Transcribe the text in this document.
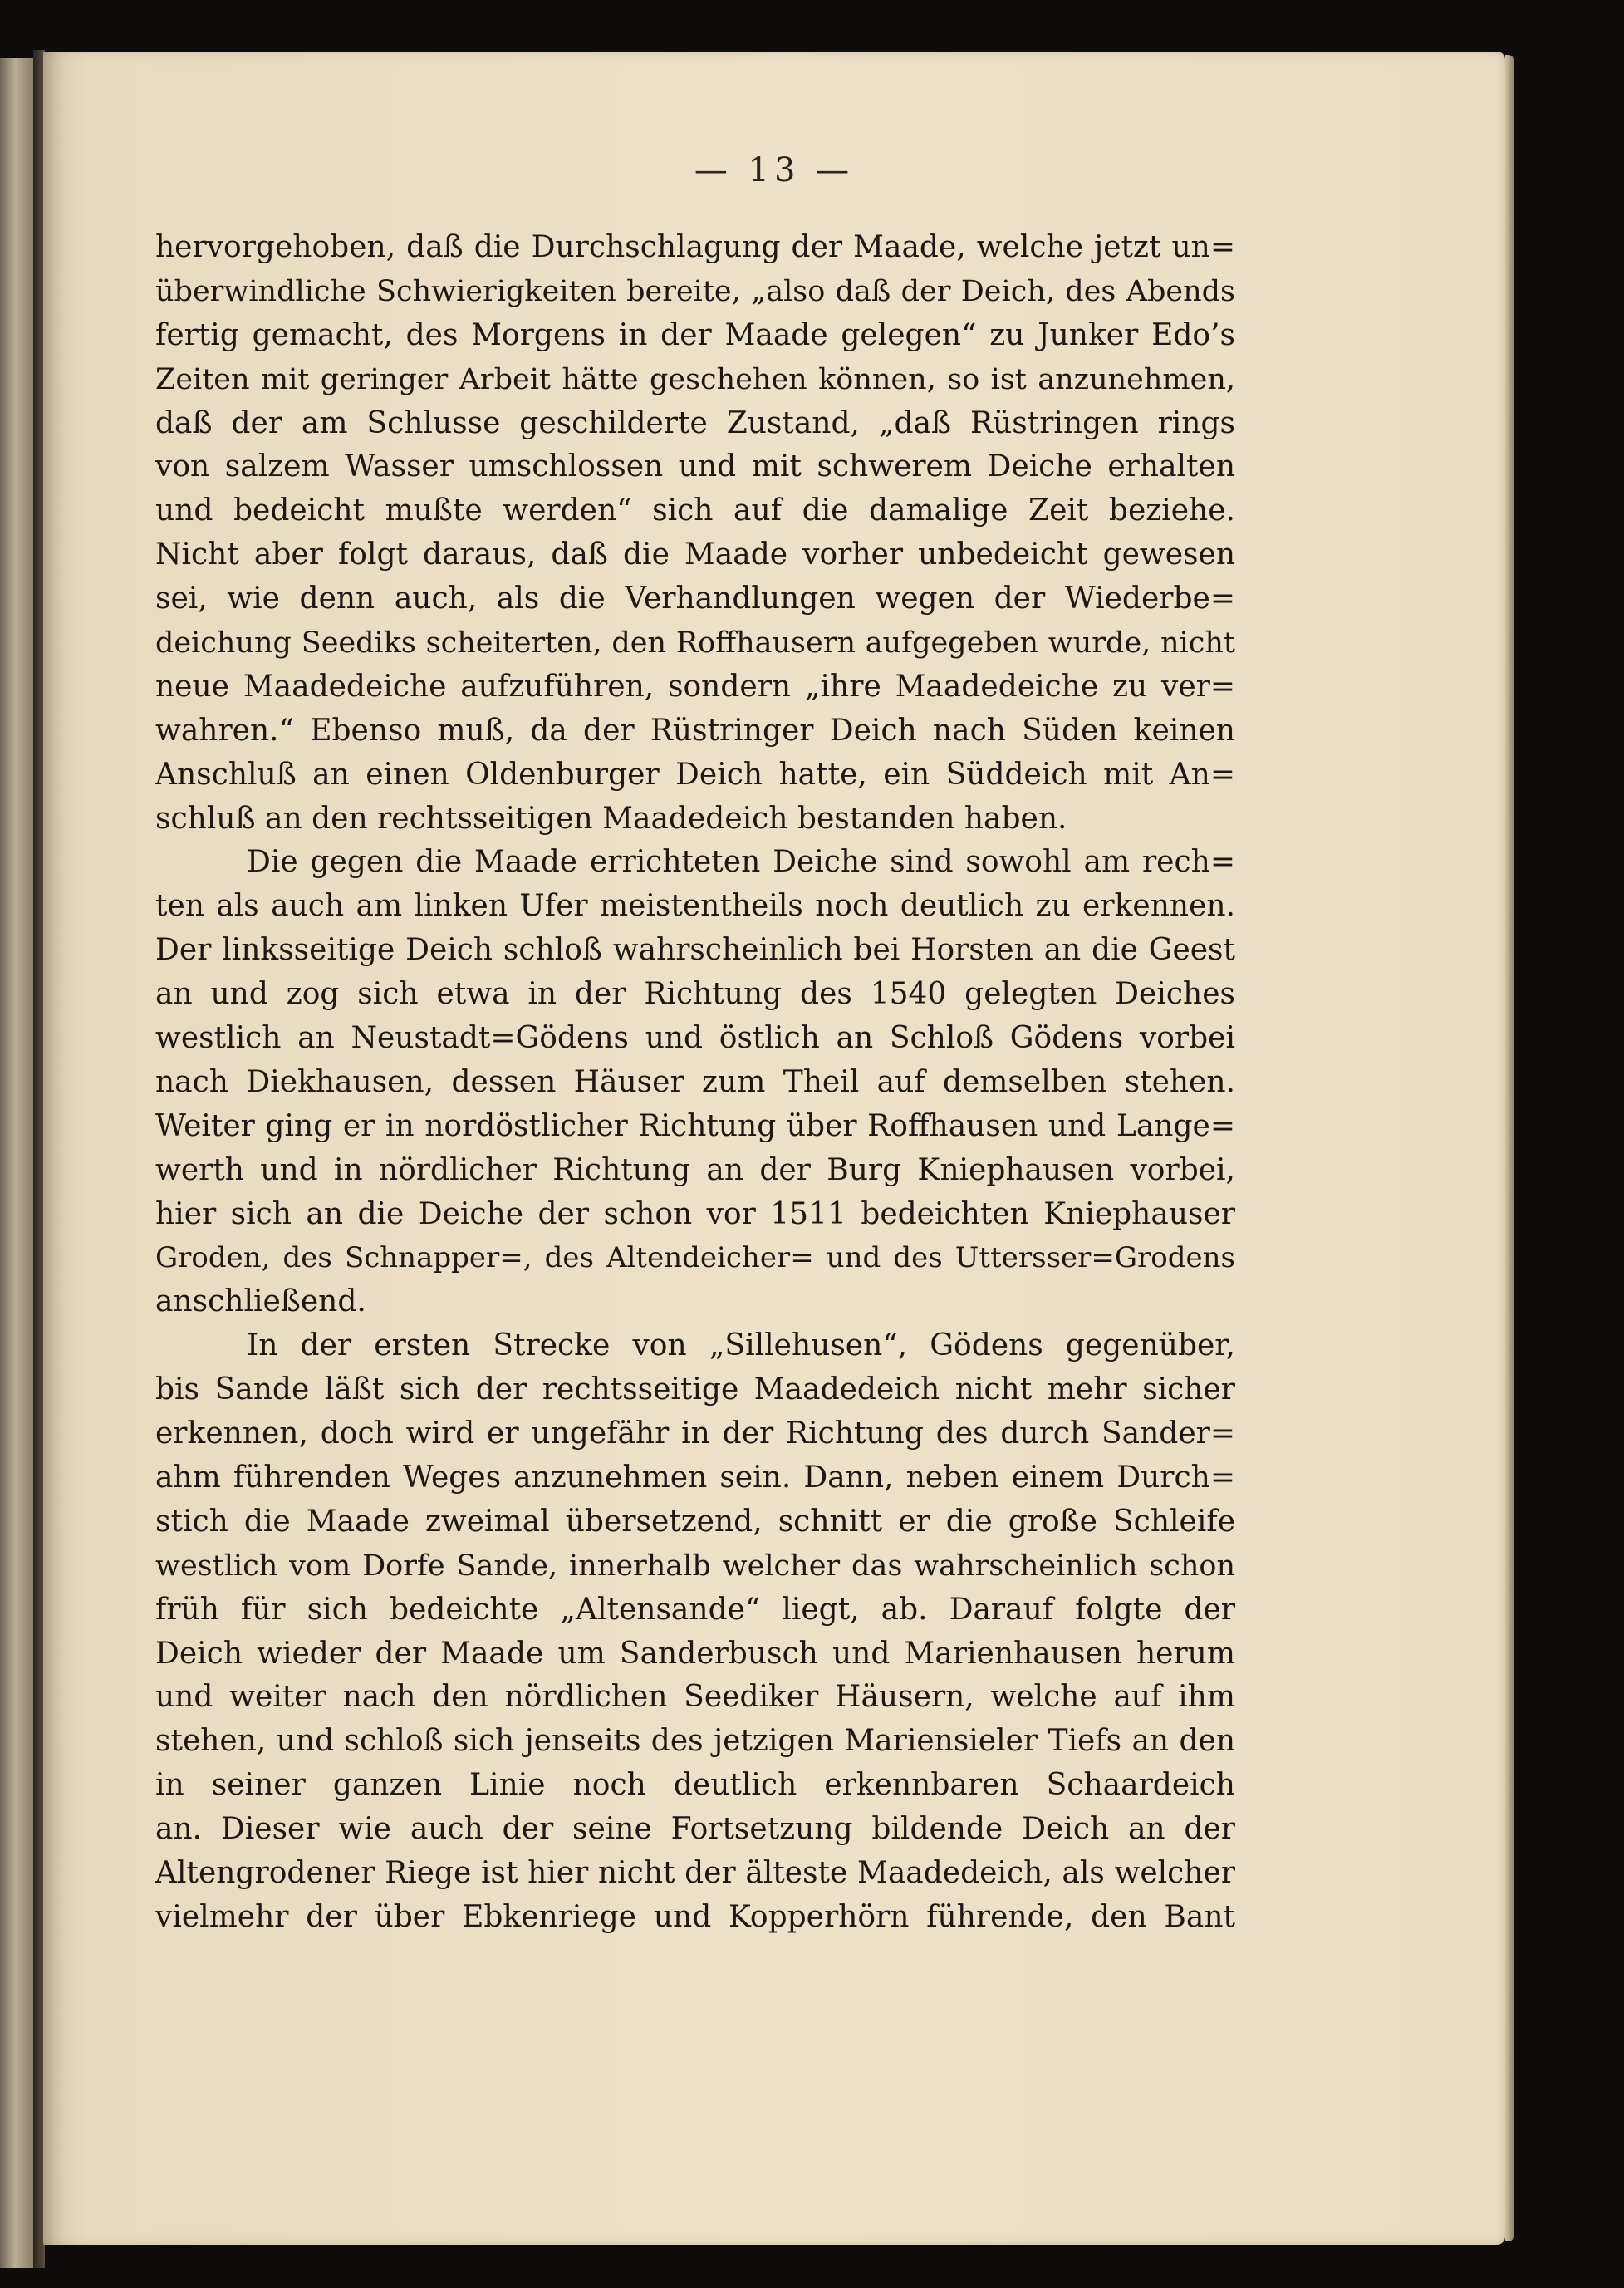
— 13 —
hervorgehoben, daß die Durchschlagung der Maade, welche jetzt un=
überwindliche Schwierigkeiten bereite, „also daß der Deich, des Abends
fertig gemacht, des Morgens in der Maade gelegen“ zu Junker Edo’s
Zeiten mit geringer Arbeit hätte geschehen können, so ist anzunehmen,
daß der am Schlusse geschilderte Zustand, „daß Rüstringen rings
von salzem Wasser umschlossen und mit schwerem Deiche erhalten
und bedeicht mußte werden“ sich auf die damalige Zeit beziehe.
Nicht aber folgt daraus, daß die Maade vorher unbedeicht gewesen
sei, wie denn auch, als die Verhandlungen wegen der Wiederbe=
deichung Seediks scheiterten, den Roffhausern aufgegeben wurde, nicht
neue Maadedeiche aufzuführen, sondern „ihre Maadedeiche zu ver=
wahren.“ Ebenso muß, da der Rüstringer Deich nach Süden keinen
Anschluß an einen Oldenburger Deich hatte, ein Süddeich mit An=
schluß an den rechtsseitigen Maadedeich bestanden haben.
Die gegen die Maade errichteten Deiche sind sowohl am rech=
ten als auch am linken Ufer meistentheils noch deutlich zu erkennen.
Der linksseitige Deich schloß wahrscheinlich bei Horsten an die Geest
an und zog sich etwa in der Richtung des 1540 gelegten Deiches
westlich an Neustadt=Gödens und östlich an Schloß Gödens vorbei
nach Diekhausen, dessen Häuser zum Theil auf demselben stehen.
Weiter ging er in nordöstlicher Richtung über Roffhausen und Lange=
werth und in nördlicher Richtung an der Burg Kniephausen vorbei,
hier sich an die Deiche der schon vor 1511 bedeichten Kniephauser
Groden, des Schnapper=, des Altendeicher= und des Uttersser=Grodens
anschließend.
In der ersten Strecke von „Sillehusen“, Gödens gegenüber,
bis Sande läßt sich der rechtsseitige Maadedeich nicht mehr sicher
erkennen, doch wird er ungefähr in der Richtung des durch Sander=
ahm führenden Weges anzunehmen sein. Dann, neben einem Durch=
stich die Maade zweimal übersetzend, schnitt er die große Schleife
westlich vom Dorfe Sande, innerhalb welcher das wahrscheinlich schon
früh für sich bedeichte „Altensande“ liegt, ab. Darauf folgte der
Deich wieder der Maade um Sanderbusch und Marienhausen herum
und weiter nach den nördlichen Seediker Häusern, welche auf ihm
stehen, und schloß sich jenseits des jetzigen Mariensieler Tiefs an den
in seiner ganzen Linie noch deutlich erkennbaren Schaardeich
an. Dieser wie auch der seine Fortsetzung bildende Deich an der
Altengrodener Riege ist hier nicht der älteste Maadedeich, als welcher
vielmehr der über Ebkenriege und Kopperhörn führende, den Bant
